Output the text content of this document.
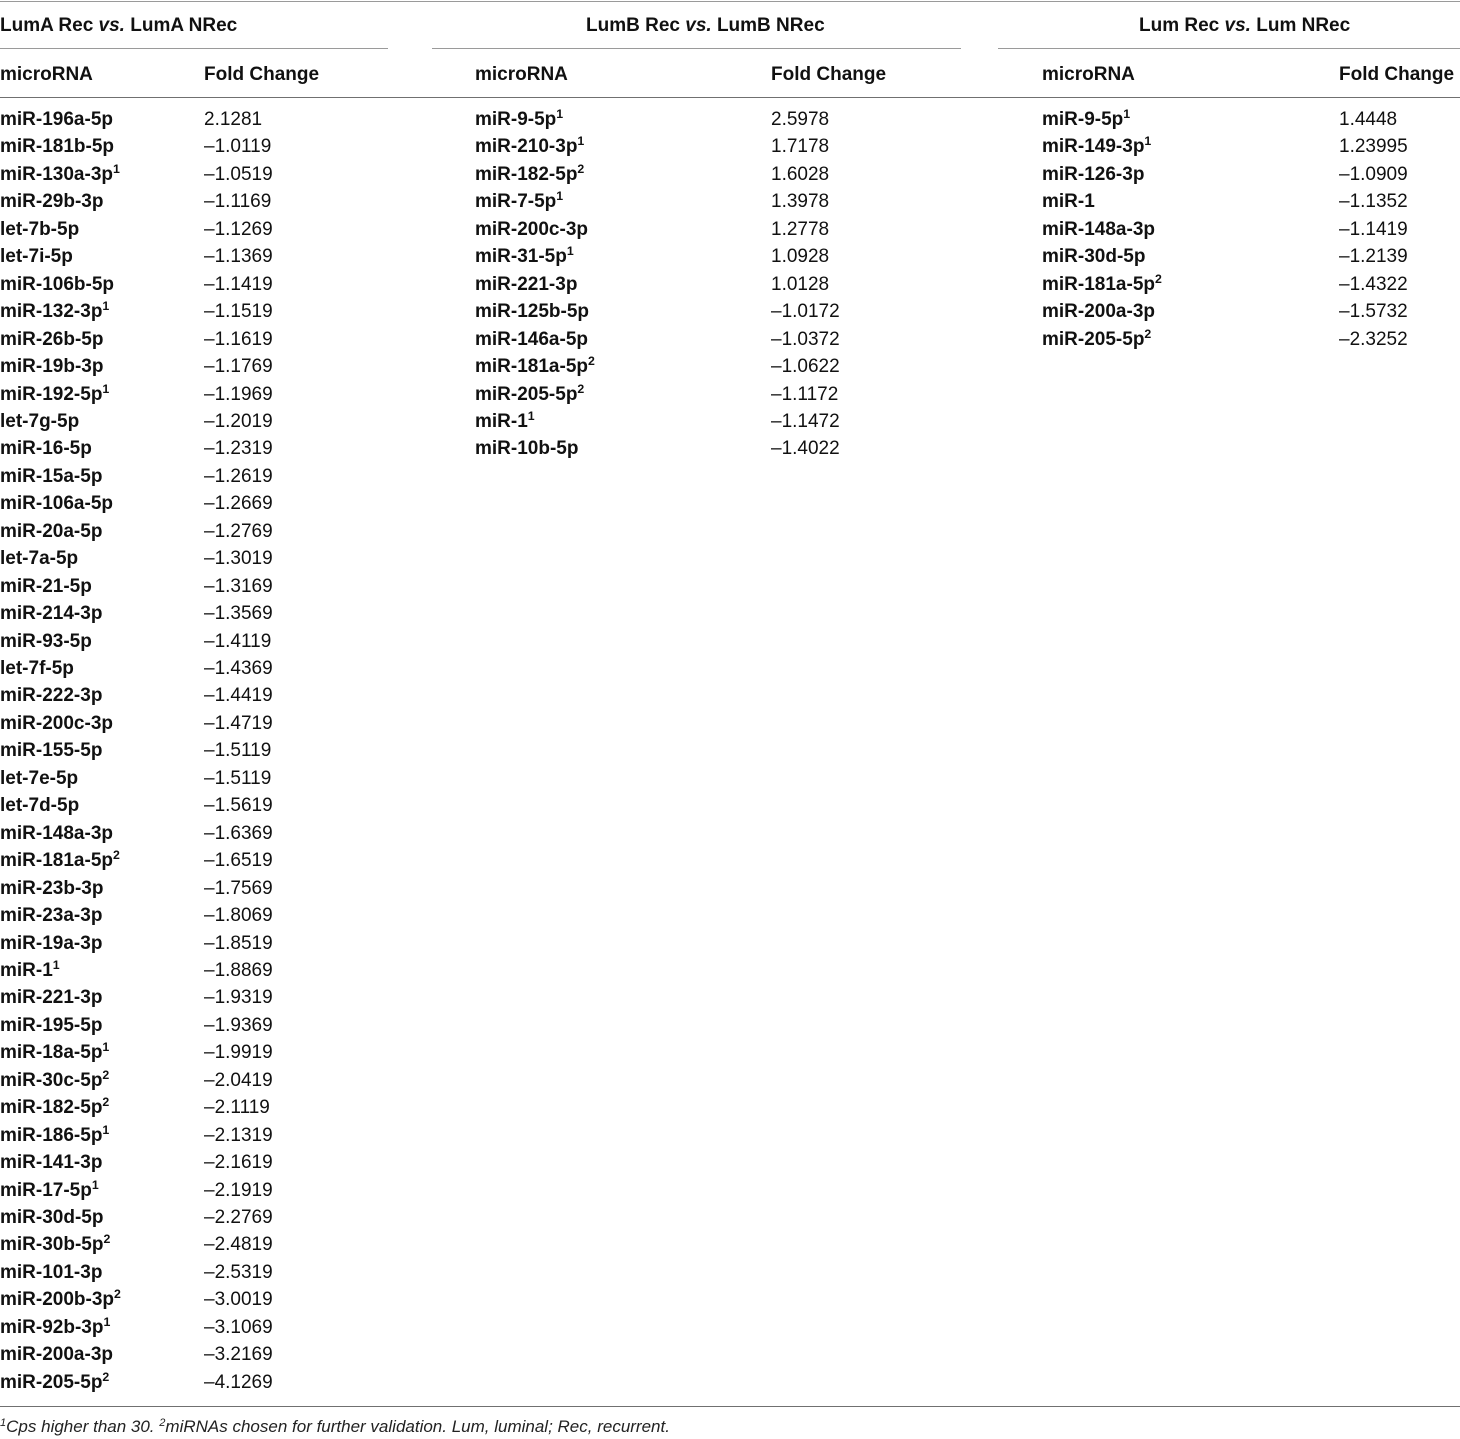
LumA Rec vs. LumA NRec	LumB Rec vs. LumB NRec	Lum Rec vs. Lum NRec
microRNA	Fold Change	microRNA	Fold Change	microRNA	Fold Change
miR-196a-5p	2.1281
miR-181b-5p	–1.0119
miR-$130a-3p^1$	–1.0519
miR-29b-3p	–1.1169
let-7b-5p	–1.1269
let-7i-5p	–1.1369
miR-106b-5p	–1.1419
miR-$132-3p^1$	–1.1519
miR-26b-5p	–1.1619
miR-19b-3p	–1.1769
miR-$192-5p^1$	–1.1969
let-7g-5p	–1.2019
miR-16-5p	–1.2319
miR-15a-5p	–1.2619
miR-106a-5p	–1.2669
miR-20a-5p	–1.2769
let-7a-5p	–1.3019
miR-21-5p	–1.3169
miR-214-3p	–1.3569
miR-93-5p	–1.4119
let-7f-5p	–1.4369
miR-222-3p	–1.4419
miR-200c-3p	–1.4719
miR-155-5p	–1.5119
let-7e-5p	–1.5119
let-7d-5p	–1.5619
miR-148a-3p	–1.6369
miR-$181a-5p^2$	–1.6519
miR-23b-3p	–1.7569
miR-23a-3p	–1.8069
miR-19a-3p	–1.8519
miR-$1^1$	–1.8869
miR-221-3p	–1.9319
miR-195-5p	–1.9369
miR-$18a-5p^1$	–1.9919
miR-$30c-5p^2$	–2.0419
miR-$182-5p^2$	–2.1119
miR-$186-5p^1$	–2.1319
miR-141-3p	–2.1619
miR-$17-5p^1$	–2.1919
miR-30d-5p	–2.2769
miR-$30b-5p^2$	–2.4819
miR-101-3p	–2.5319
miR-$200b-3p^2$	–3.0019
miR-$92b-3p^1$	–3.1069
miR-200a-3p	–3.2169
miR-$205-5p^2$	–4.1269
miR-$9-5p^1$	2.5978
miR-$210-3p^1$	1.7178
miR-$182-5p^2$	1.6028
miR-$7-5p^1$	1.3978
miR-200c-3p	1.2778
miR-$31-5p^1$	1.0928
miR-221-3p	1.0128
miR-125b-5p	–1.0172
miR-146a-5p	–1.0372
miR-$181a-5p^2$	–1.0622
miR-$205-5p^2$	–1.1172
miR-$1^1$	–1.1472
miR-10b-5p	–1.4022
miR-$9-5p^1$	1.4448
miR-$149-3p^1$	1.23995
miR-126-3p	–1.0909
miR-1	–1.1352
miR-148a-3p	–1.1419
miR-30d-5p	–1.2139
miR-$181a-5p^2$	–1.4322
miR-200a-3p	–1.5732
miR-$205-5p^2$	–2.3252
$^1$Cps higher than 30. $^2$miRNAs chosen for further validation. Lum, luminal; Rec, recurrent.
